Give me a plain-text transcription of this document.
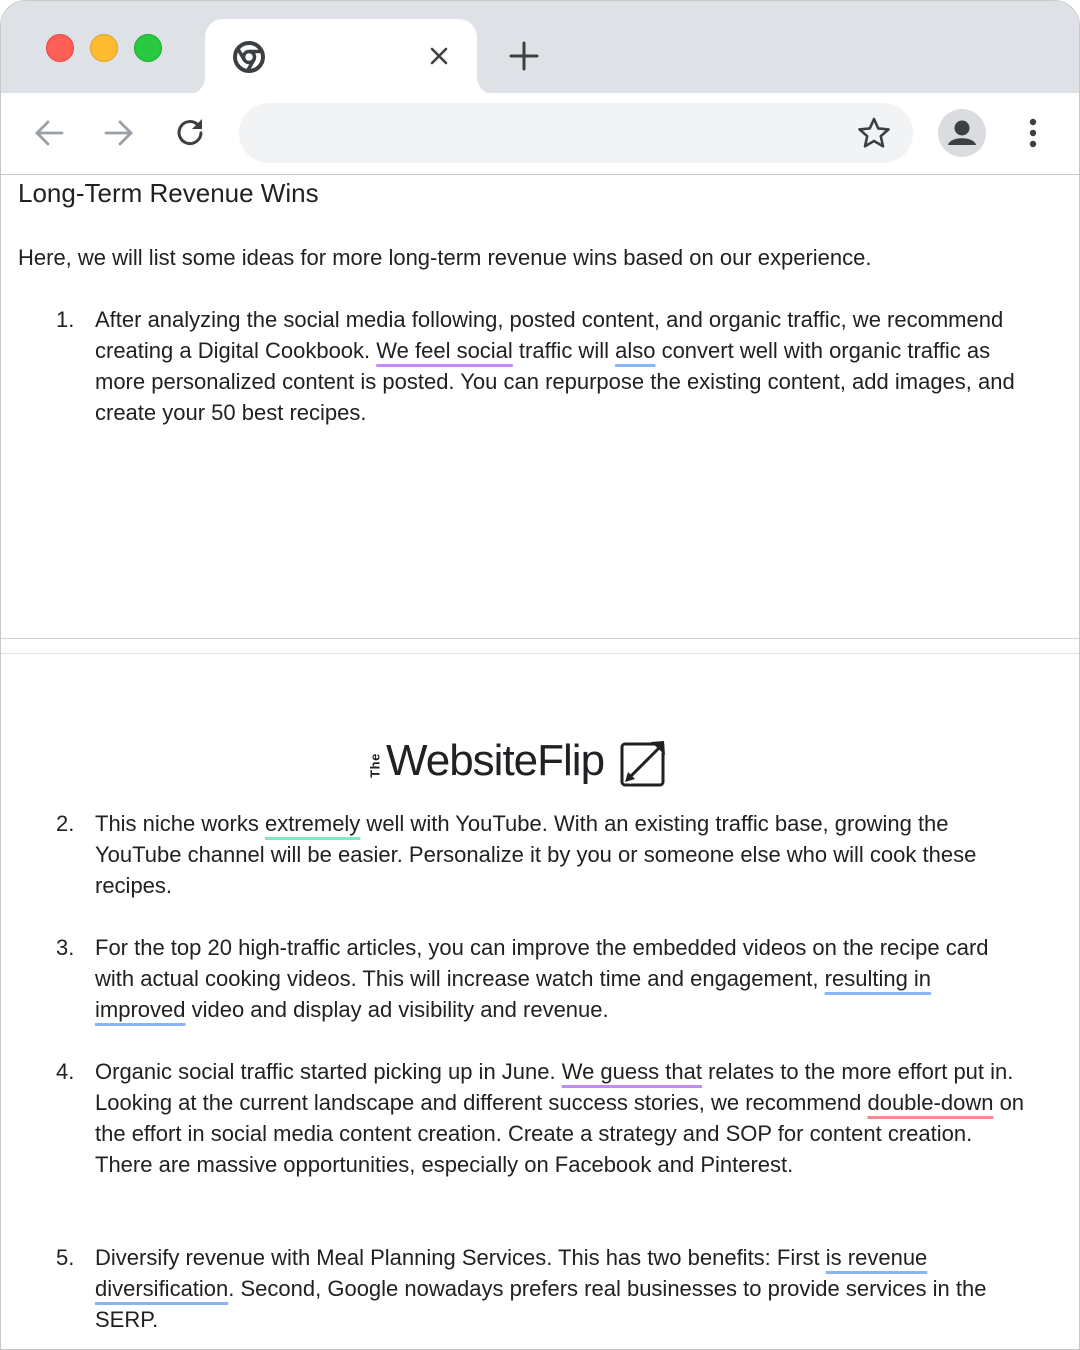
Long-Term Revenue Wins
Here, we will list some ideas for more long-term revenue wins based on our experience.
1. After analyzing the social media following, posted content, and organic traffic, we recommend creating a Digital Cookbook. We feel social traffic will also convert well with organic traffic as more personalized content is posted. You can repurpose the existing content, add images, and create your 50 best recipes.
The WebsiteFlip
2. This niche works extremely well with YouTube. With an existing traffic base, growing the YouTube channel will be easier. Personalize it by you or someone else who will cook these recipes.
3. For the top 20 high-traffic articles, you can improve the embedded videos on the recipe card with actual cooking videos. This will increase watch time and engagement, resulting in improved video and display ad visibility and revenue.
4. Organic social traffic started picking up in June. We guess that relates to the more effort put in. Looking at the current landscape and different success stories, we recommend double-down on the effort in social media content creation. Create a strategy and SOP for content creation. There are massive opportunities, especially on Facebook and Pinterest.
5. Diversify revenue with Meal Planning Services. This has two benefits: First is revenue diversification. Second, Google nowadays prefers real businesses to provide services in the SERP.
